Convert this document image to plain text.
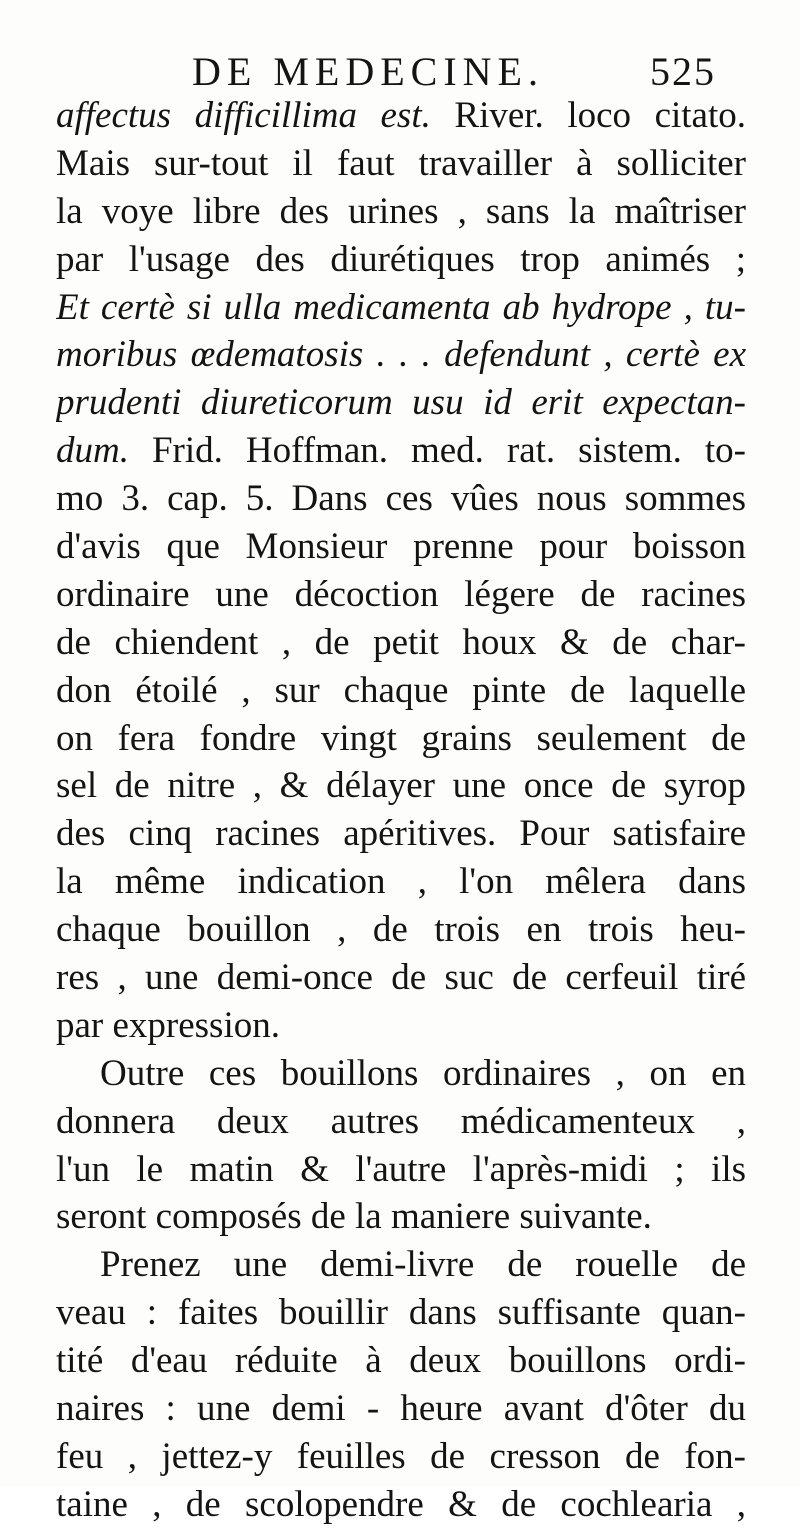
DE MEDECINE.	525
affectus difficillima est. River. loco citato.
Mais sur-tout il faut travailler à solliciter
la voye libre des urines , sans la maîtriser
par l'usage des diurétiques trop animés ;
Et certè si ulla medicamenta ab hydrope , tu-
moribus œdematosis . . . defendunt , certè ex
prudenti diureticorum usu id erit expectan-
dum. Frid. Hoffman. med. rat. sistem. to-
mo 3. cap. 5. Dans ces vûes nous sommes
d'avis que Monsieur prenne pour boisson
ordinaire une décoction légere de racines
de chiendent , de petit houx & de char-
don étoilé , sur chaque pinte de laquelle
on fera fondre vingt grains seulement de
sel de nitre , & délayer une once de syrop
des cinq racines apéritives. Pour satisfaire
la même indication , l'on mêlera dans
chaque bouillon , de trois en trois heu-
res , une demi-once de suc de cerfeuil tiré
par expression.
Outre ces bouillons ordinaires , on en
donnera deux autres médicamenteux ,
l'un le matin & l'autre l'après-midi ; ils
seront composés de la maniere suivante.
Prenez une demi-livre de rouelle de
veau : faites bouillir dans suffisante quan-
tité d'eau réduite à deux bouillons ordi-
naires : une demi - heure avant d'ôter du
feu , jettez-y feuilles de cresson de fon-
taine , de scolopendre & de cochlearia ,
